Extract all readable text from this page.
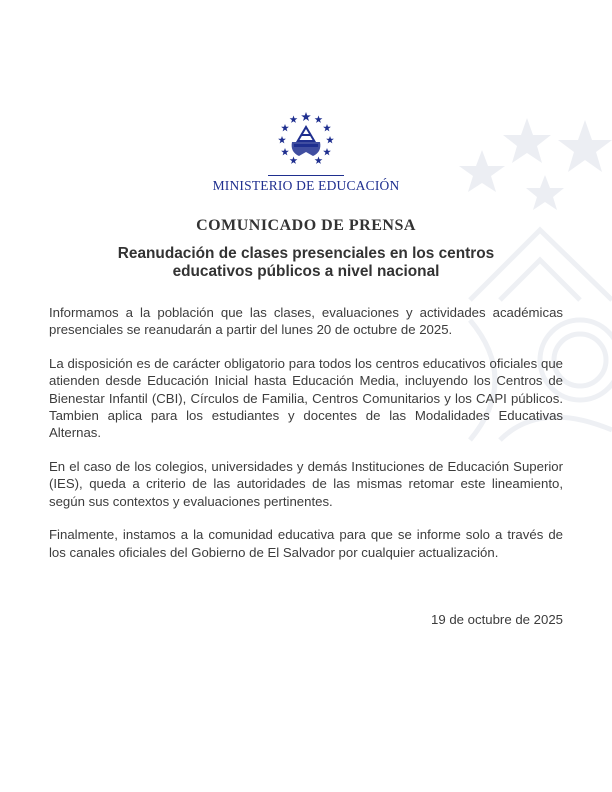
MINISTERIO DE EDUCACIÓN
COMUNICADO DE PRENSA
Reanudación de clases presenciales en los centros
educativos públicos a nivel nacional

Informamos a la población que las clases, evaluaciones y actividades académicas presenciales se reanudarán a partir del lunes 20 de octubre de 2025.

La disposición es de carácter obligatorio para todos los centros educativos oficiales que atienden desde Educación Inicial hasta Educación Media, incluyendo los Centros de Bienestar Infantil (CBI), Círculos de Familia, Centros Comunitarios y los CAPI públicos. Tambien aplica para los estudiantes y docentes de las Modalidades Educativas Alternas.

En el caso de los colegios, universidades y demás Instituciones de Educación Superior (IES), queda a criterio de las autoridades de las mismas retomar este lineamiento, según sus contextos y evaluaciones pertinentes.

Finalmente, instamos a la comunidad educativa para que se informe solo a través de los canales oficiales del Gobierno de El Salvador por cualquier actualización.

19 de octubre de 2025
